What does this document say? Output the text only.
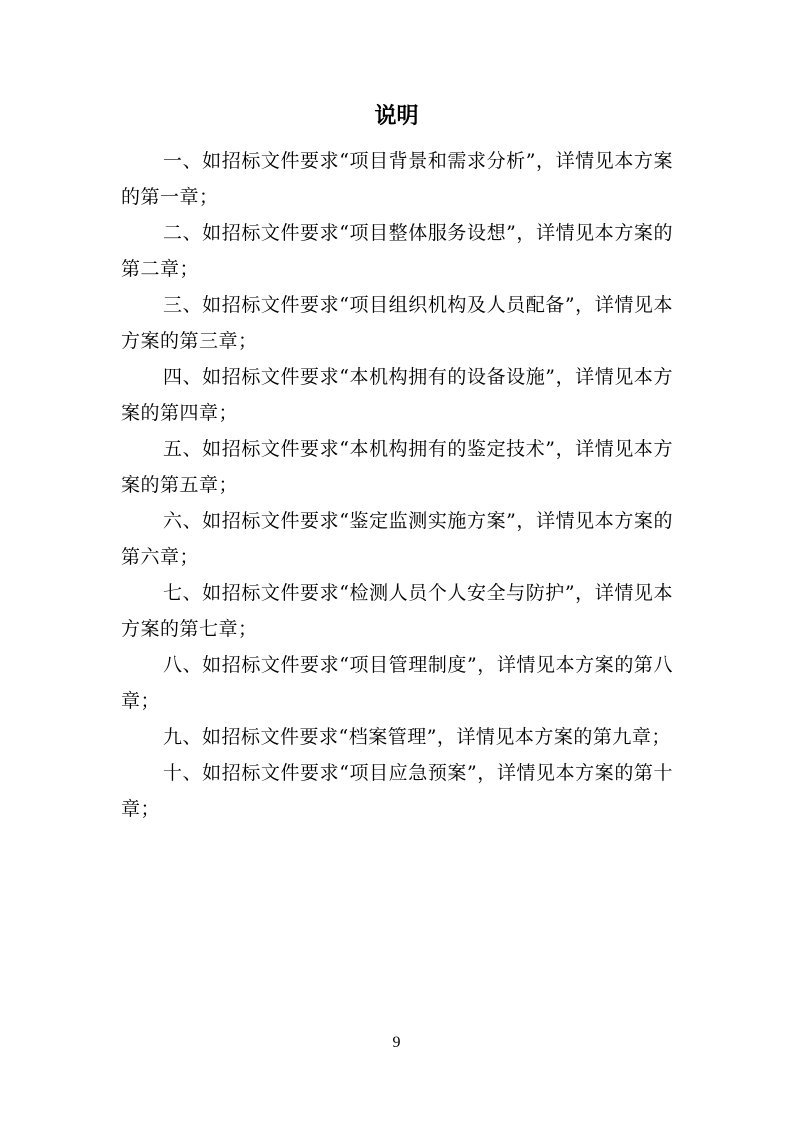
说明

一、如招标文件要求“项目背景和需求分析”，详情见本方案的第一章；

二、如招标文件要求“项目整体服务设想”，详情见本方案的第二章；

三、如招标文件要求“项目组织机构及人员配备”，详情见本方案的第三章；

四、如招标文件要求“本机构拥有的设备设施”，详情见本方案的第四章；

五、如招标文件要求“本机构拥有的鉴定技术”，详情见本方案的第五章；

六、如招标文件要求“鉴定监测实施方案”，详情见本方案的第六章；

七、如招标文件要求“检测人员个人安全与防护”，详情见本方案的第七章；

八、如招标文件要求“项目管理制度”，详情见本方案的第八章；

九、如招标文件要求“档案管理”，详情见本方案的第九章；

十、如招标文件要求“项目应急预案”，详情见本方案的第十章；

9
